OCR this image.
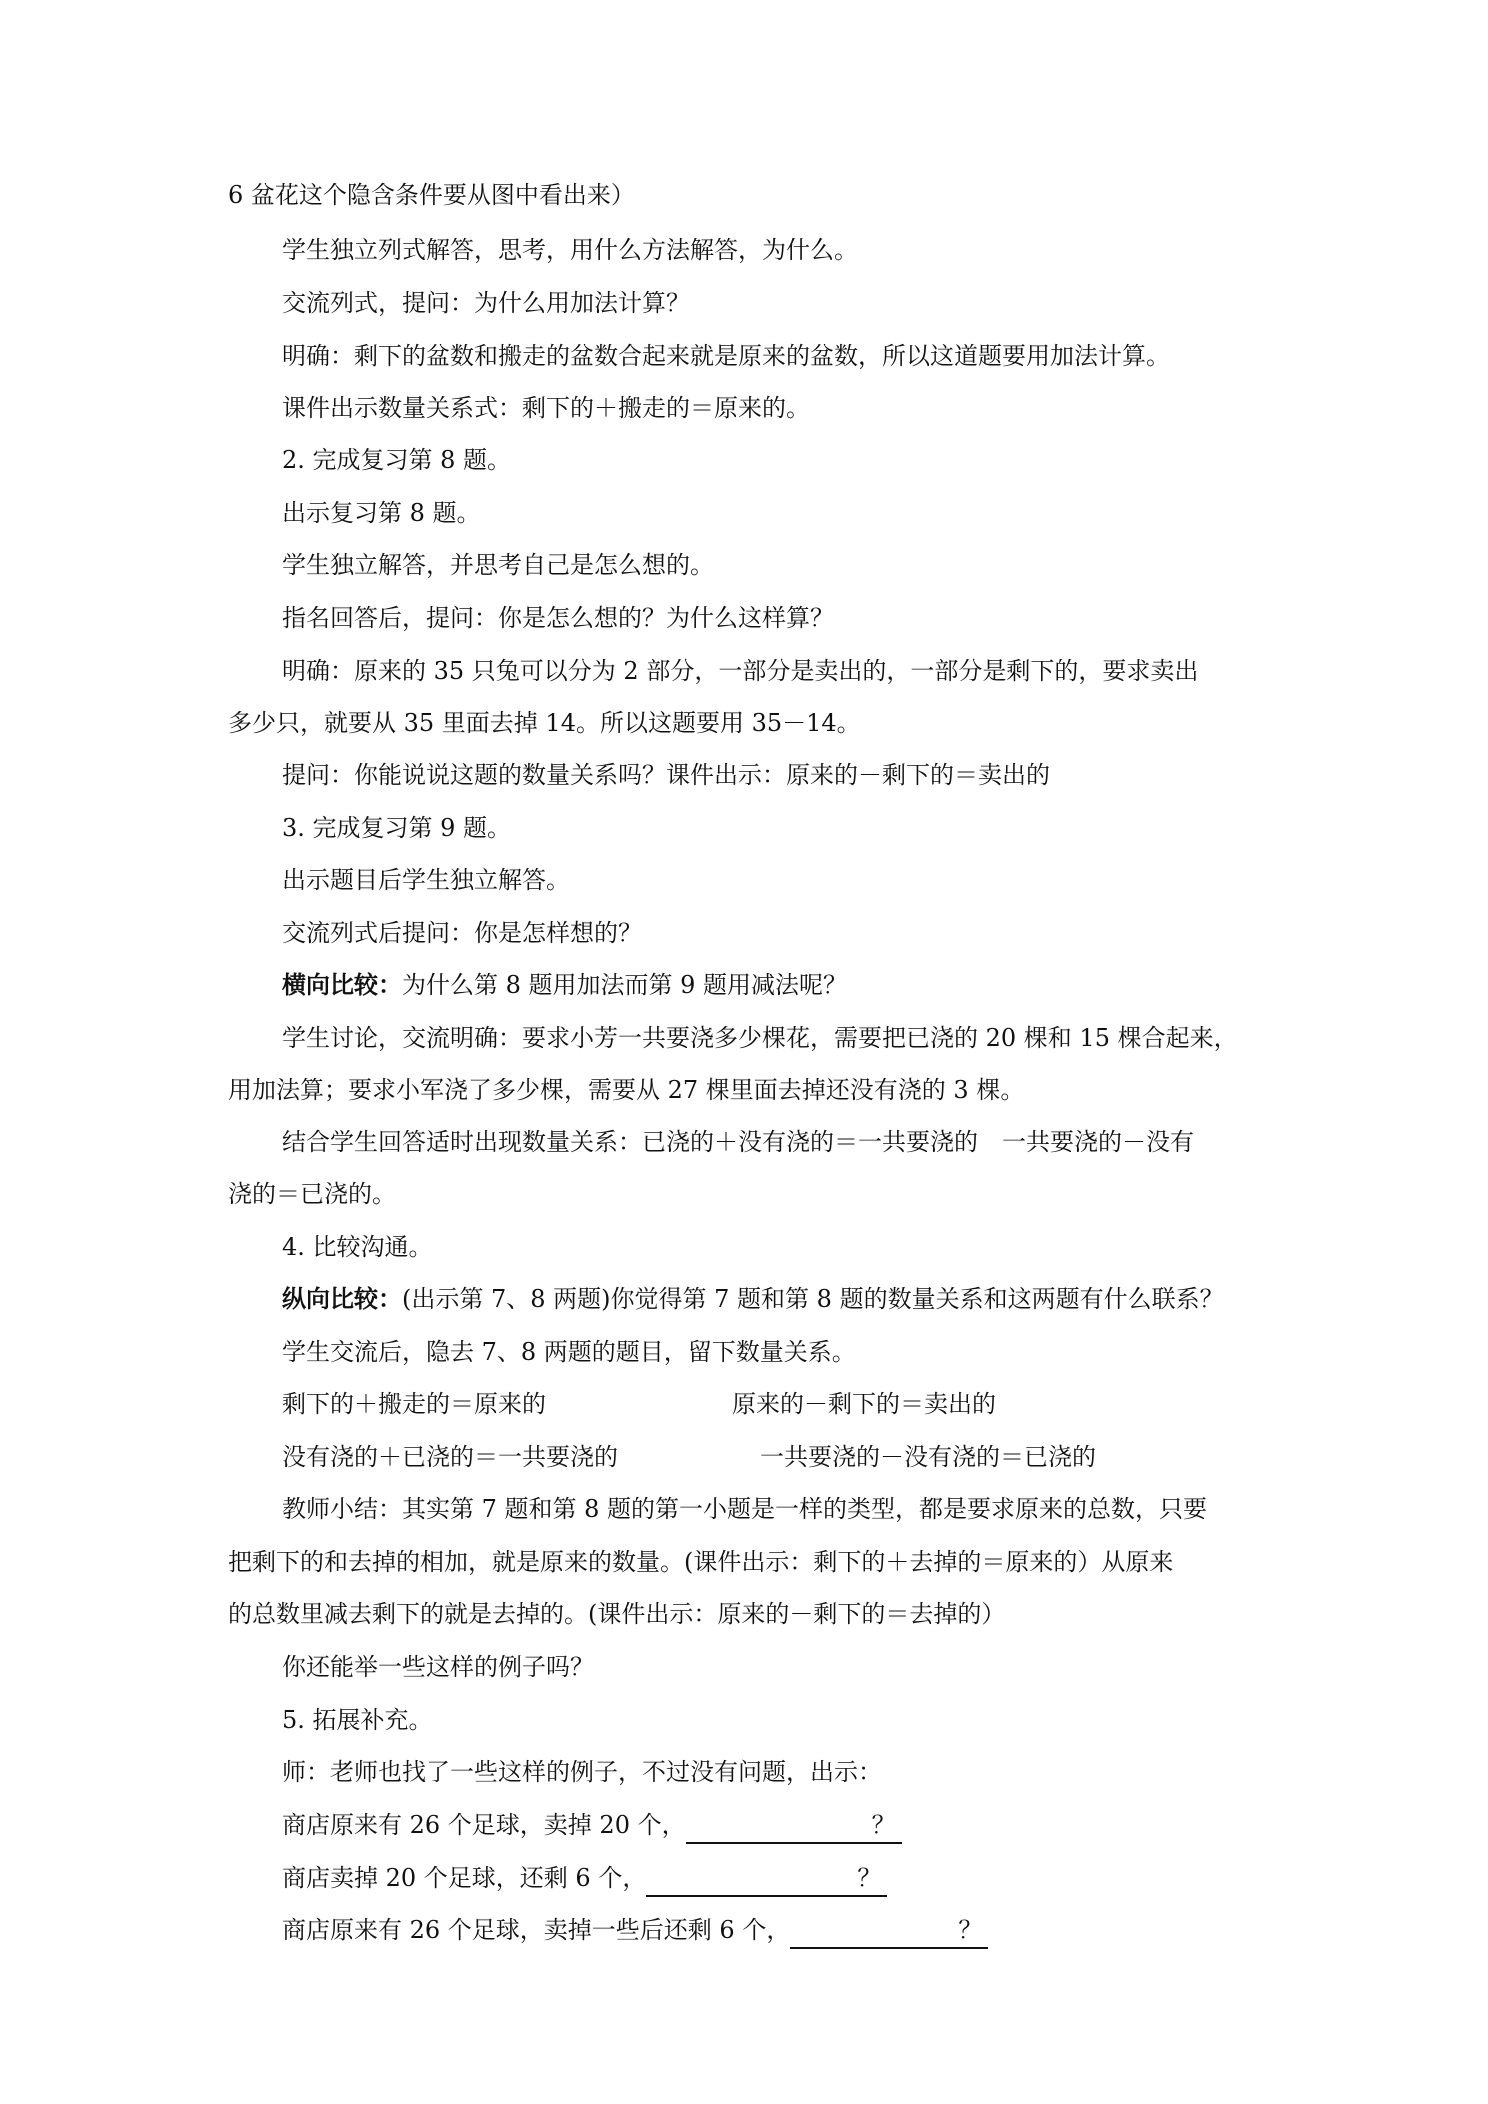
6 盆花这个隐含条件要从图中看出来）
学生独立列式解答，思考，用什么方法解答，为什么。
交流列式，提问：为什么用加法计算？
明确：剩下的盆数和搬走的盆数合起来就是原来的盆数，所以这道题要用加法计算。
课件出示数量关系式：剩下的＋搬走的＝原来的。
2. 完成复习第 8 题。
出示复习第 8 题。
学生独立解答，并思考自己是怎么想的。
指名回答后，提问：你是怎么想的？为什么这样算？
明确：原来的 35 只兔可以分为 2 部分，一部分是卖出的，一部分是剩下的，要求卖出
多少只，就要从 35 里面去掉 14。所以这题要用 35－14。
提问：你能说说这题的数量关系吗？课件出示：原来的－剩下的＝卖出的
3. 完成复习第 9 题。
出示题目后学生独立解答。
交流列式后提问：你是怎样想的？
横向比较：为什么第 8 题用加法而第 9 题用减法呢？
学生讨论，交流明确：要求小芳一共要浇多少棵花，需要把已浇的 20 棵和 15 棵合起来，
用加法算；要求小军浇了多少棵，需要从 27 棵里面去掉还没有浇的 3 棵。
结合学生回答适时出现数量关系：已浇的＋没有浇的＝一共要浇的　一共要浇的－没有
浇的＝已浇的。
4. 比较沟通。
纵向比较：(出示第 7、8 两题)你觉得第 7 题和第 8 题的数量关系和这两题有什么联系？
学生交流后，隐去 7、8 两题的题目，留下数量关系。
剩下的＋搬走的＝原来的	原来的－剩下的＝卖出的
没有浇的＋已浇的＝一共要浇的	一共要浇的－没有浇的＝已浇的
教师小结：其实第 7 题和第 8 题的第一小题是一样的类型，都是要求原来的总数，只要
把剩下的和去掉的相加，就是原来的数量。(课件出示：剩下的＋去掉的＝原来的）从原来
的总数里减去剩下的就是去掉的。(课件出示：原来的－剩下的＝去掉的）
你还能举一些这样的例子吗？
5. 拓展补充。
师：老师也找了一些这样的例子，不过没有问题，出示：
商店原来有 26 个足球，卖掉 20 个，	？
商店卖掉 20 个足球，还剩 6 个，	？
商店原来有 26 个足球，卖掉一些后还剩 6 个，	？
